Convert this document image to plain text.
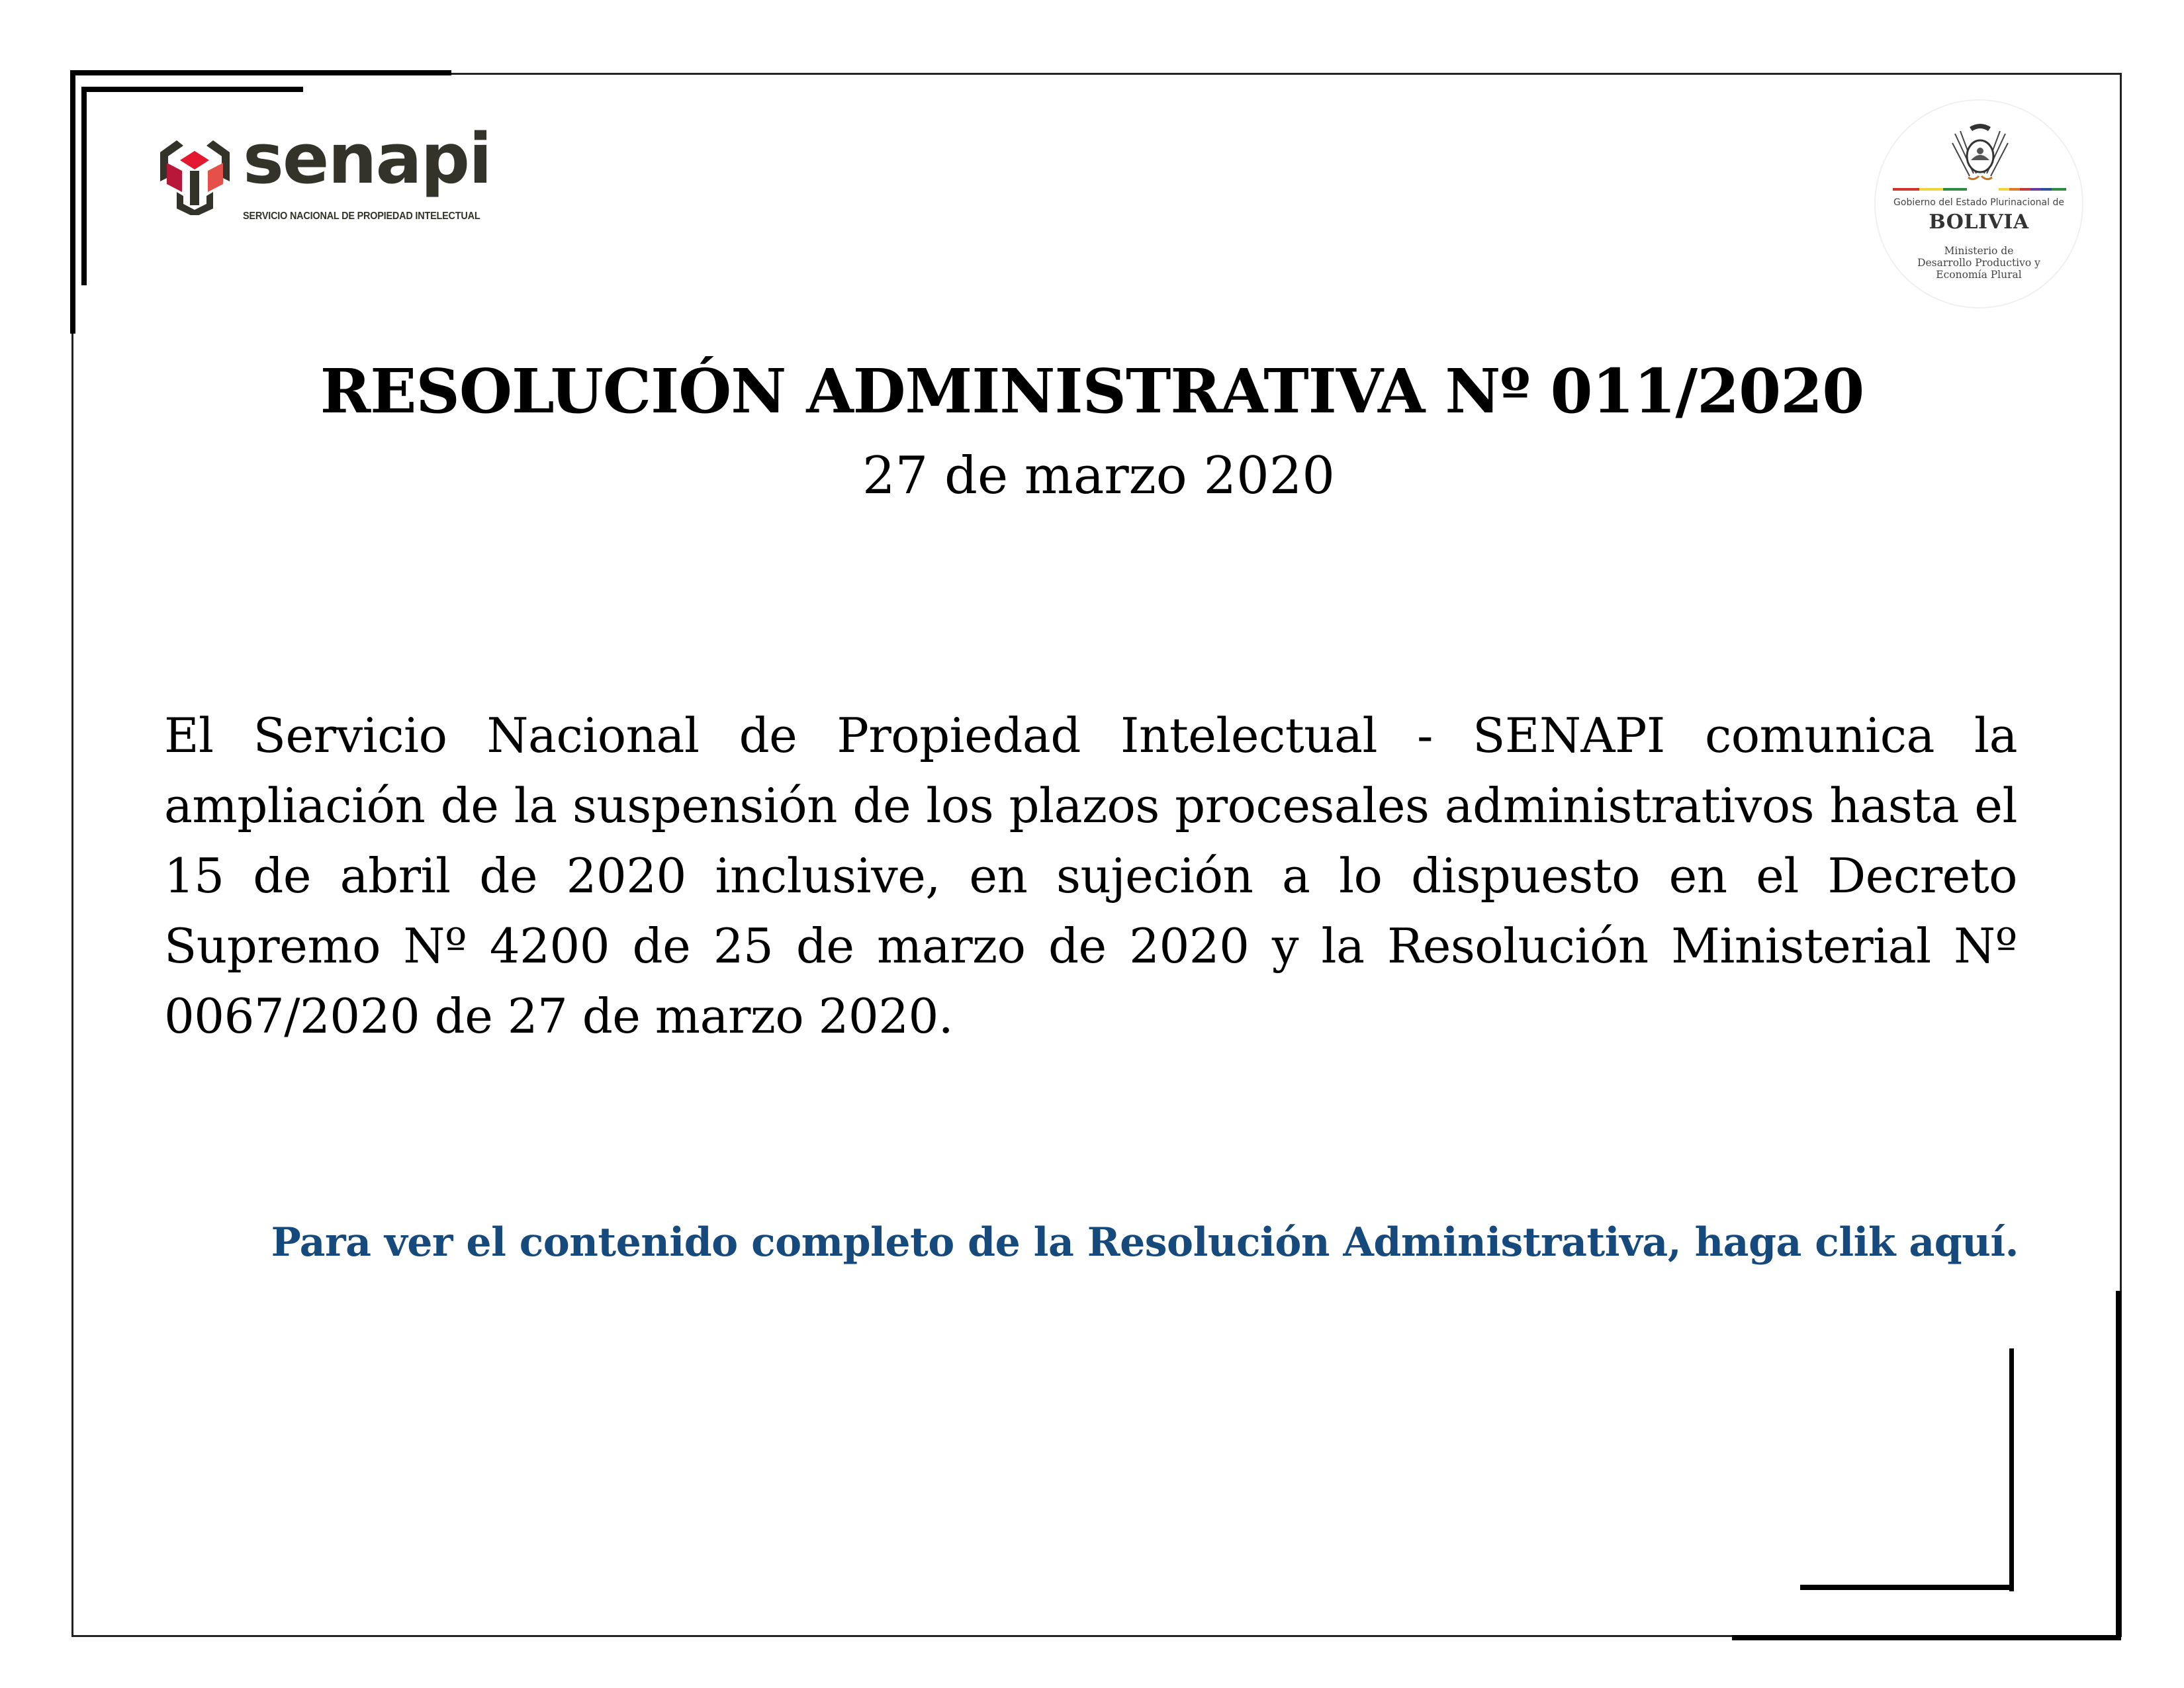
senapi
SERVICIO NACIONAL DE PROPIEDAD INTELECTUAL
Gobierno del Estado Plurinacional de
BOLIVIA
Ministerio de
Desarrollo Productivo y
Economía Plural
RESOLUCIÓN ADMINISTRATIVA Nº 011/2020
27 de marzo 2020
El Servicio Nacional de Propiedad Intelectual - SENAPI comunica la ampliación de la suspensión de los plazos procesales administrativos hasta el 15 de abril de 2020 inclusive, en sujeción a lo dispuesto en el Decreto Supremo Nº 4200 de 25 de marzo de 2020 y la Resolución Ministerial Nº 0067/2020 de 27 de marzo 2020.
Para ver el contenido completo de la Resolución Administrativa, haga clik aquí.
